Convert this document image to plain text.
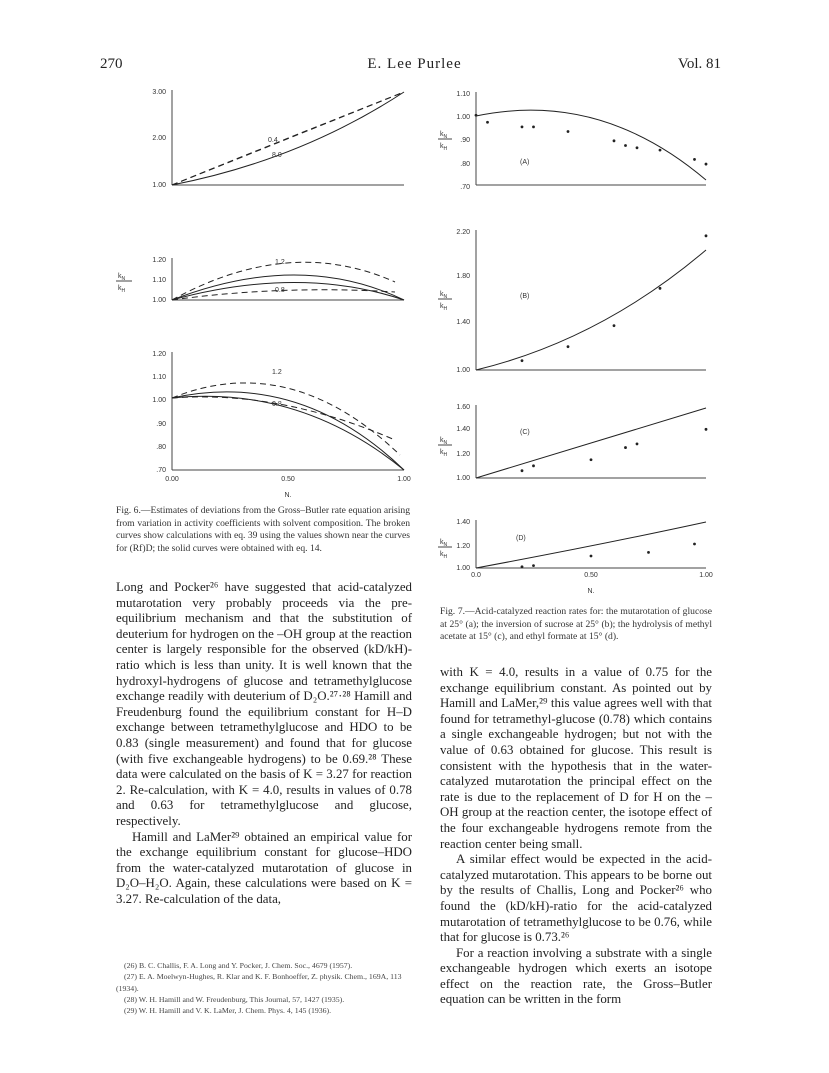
270	E. Lee Purlee	Vol. 81
3.00
2.00
1.00
0.4
8.0
1.20
1.10
1.00
$k_N$
$k_H$
1.2
0.8
1.20
1.10
1.00
.90
.80
.70
1.2
0.8
0.00	0.50	1.00
N.
Fig. 6.—Estimates of deviations from the Gross–Butler rate equation arising from variation in activity coefficients with solvent composition. The broken curves show calculations with eq. 39 using the values shown near the curves for (Rf)D; the solid curves were obtained with eq. 14.
1.10
1.00
.90
.80
.70
$k_N$
$k_H$
(A)
2.20
1.80
1.40
1.00
$k_N$
$k_H$
(B)
1.60
1.40
1.20
1.00
$k_N$
$k_H$
(C)
1.40
1.20
1.00
$k_N$
$k_H$
(D)
0.0	0.50	1.00
N.
Fig. 7.—Acid-catalyzed reaction rates for: the mutarotation of glucose at 25° (a); the inversion of sucrose at 25° (b); the hydrolysis of methyl acetate at 15° (c), and ethyl formate at 15° (d).

Long and Pocker²⁶ have suggested that acid-catalyzed mutarotation very probably proceeds via the pre-equilibrium mechanism and that the substitution of deuterium for hydrogen on the –OH group at the reaction center is largely responsible for the observed (kD/kH)-ratio which is less than unity. It is well known that the hydroxyl-hydrogens of glucose and tetramethylglucose exchange readily with deuterium of D₂O.²⁷·²⁸ Hamill and Freudenburg found the equilibrium constant for H–D exchange between tetramethylglucose and HDO to be 0.83 (single measurement) and found that for glucose (with five exchangeable hydrogens) to be 0.69.²⁸ These data were calculated on the basis of K = 3.27 for reaction 2. Re-calculation, with K = 4.0, results in values of 0.78 and 0.63 for tetramethylglucose and glucose, respectively.

Hamill and LaMer²⁹ obtained an empirical value for the exchange equilibrium constant for glucose–HDO from the water-catalyzed mutarotation of glucose in D₂O–H₂O. Again, these calculations were based on K = 3.27. Re-calculation of the data,

(26) B. C. Challis, F. A. Long and Y. Pocker, J. Chem. Soc., 4679 (1957).
(27) E. A. Moelwyn-Hughes, R. Klar and K. F. Bonhoeffer, Z. physik. Chem., 169A, 113 (1934).
(28) W. H. Hamill and W. Freudenburg, This Journal, 57, 1427 (1935).
(29) W. H. Hamill and V. K. LaMer, J. Chem. Phys. 4, 145 (1936).

with K = 4.0, results in a value of 0.75 for the exchange equilibrium constant. As pointed out by Hamill and LaMer,²⁹ this value agrees well with that found for tetramethyl-glucose (0.78) which contains a single exchangeable hydrogen; but not with the value of 0.63 obtained for glucose. This result is consistent with the hypothesis that in the water-catalyzed mutarotation the principal effect on the rate is due to the replacement of D for H on the –OH group at the reaction center, the isotope effect of the four exchangeable hydrogens remote from the reaction center being small.

A similar effect would be expected in the acid-catalyzed mutarotation. This appears to be borne out by the results of Challis, Long and Pocker²⁶ who found the (kD/kH)-ratio for the acid-catalyzed mutarotation of tetramethylglucose to be 0.76, while that for glucose is 0.73.²⁶

For a reaction involving a substrate with a single exchangeable hydrogen which exerts an isotope effect on the reaction rate, the Gross–Butler equation can be written in the form
